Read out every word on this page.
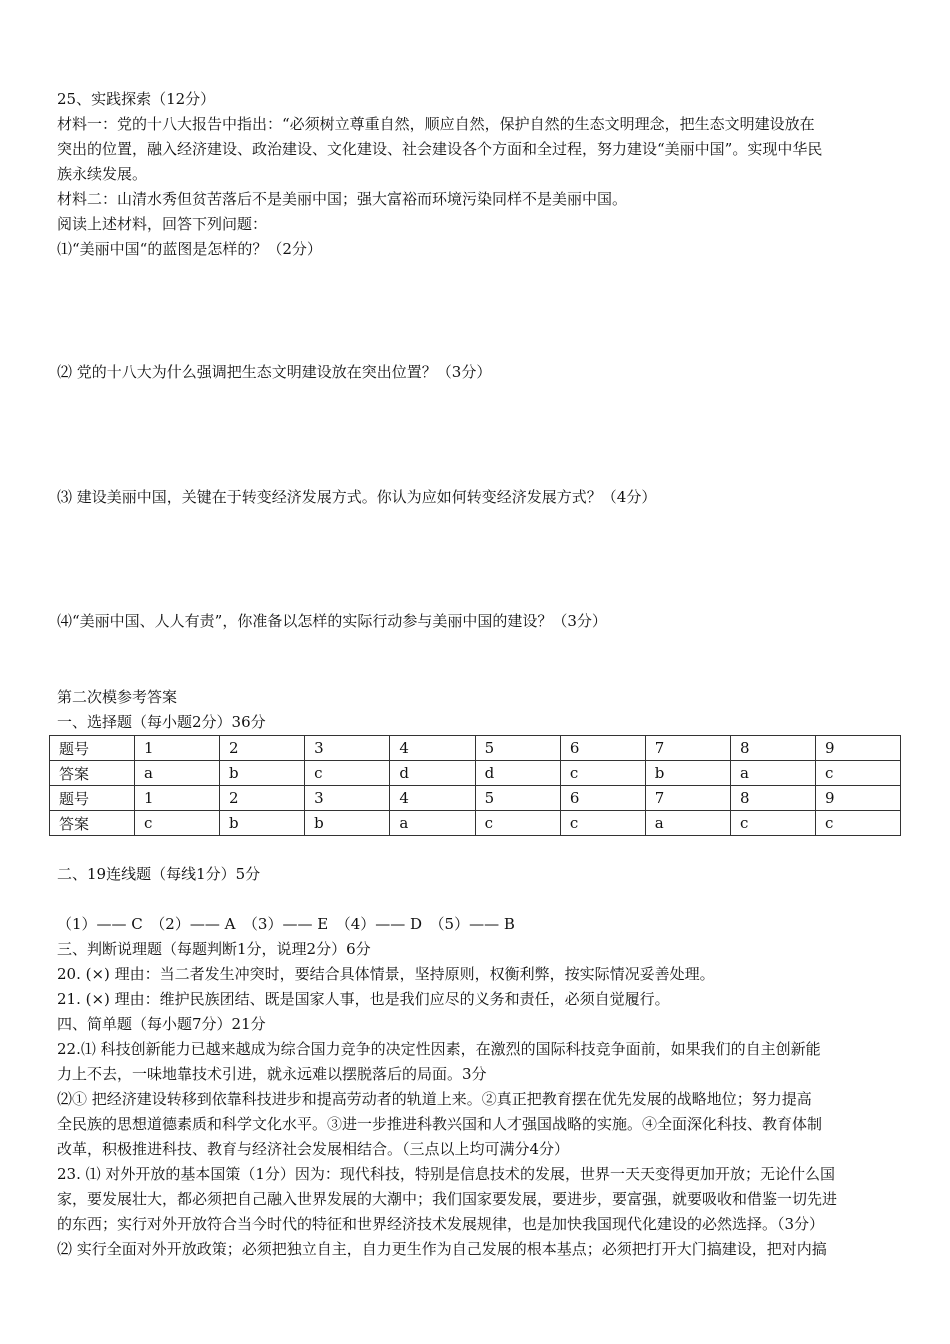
25、实践探索（12分）
材料一：党的十八大报告中指出：“必须树立尊重自然，顺应自然，保护自然的生态文明理念，把生态文明建设放在
突出的位置，融入经济建设、政治建设、文化建设、社会建设各个方面和全过程，努力建设“美丽中国”。实现中华民
族永续发展。
材料二：山清水秀但贫苦落后不是美丽中国；强大富裕而环境污染同样不是美丽中国。
阅读上述材料，回答下列问题：
⑴“美丽中国“的蓝图是怎样的？（2分）
⑵ 党的十八大为什么强调把生态文明建设放在突出位置？（3分）
⑶ 建设美丽中国，关键在于转变经济发展方式。你认为应如何转变经济发展方式？（4分）
⑷“美丽中国、人人有责”，你准备以怎样的实际行动参与美丽中国的建设？（3分）
第二次模参考答案
一、选择题（每小题2分）36分
题号	1	2	3	4	5	6	7	8	9
答案	a	b	c	d	d	c	b	a	c
题号	1	2	3	4	5	6	7	8	9
答案	c	b	b	a	c	c	a	c	c
二、19连线题（每线1分）5分
（1）—— C　（2）—— A　（3）—— E　（4）—— D　（5）—— B
三、判断说理题（每题判断1分，说理2分）6分
20. (×) 理由：当二者发生冲突时，要结合具体情景，坚持原则，权衡利弊，按实际情况妥善处理。
21. (×) 理由：维护民族团结、既是国家人事，也是我们应尽的义务和责任，必须自觉履行。
四、简单题（每小题7分）21分
22.⑴ 科技创新能力已越来越成为综合国力竞争的决定性因素，在激烈的国际科技竞争面前，如果我们的自主创新能
力上不去，一味地靠技术引进，就永远难以摆脱落后的局面。3分
⑵① 把经济建设转移到依靠科技进步和提高劳动者的轨道上来。②真正把教育摆在优先发展的战略地位；努力提高
全民族的思想道德素质和科学文化水平。③进一步推进科教兴国和人才强国战略的实施。④全面深化科技、教育体制
改革，积极推进科技、教育与经济社会发展相结合。（三点以上均可满分4分）
23. ⑴ 对外开放的基本国策（1分）因为：现代科技，特别是信息技术的发展，世界一天天变得更加开放；无论什么国
家，要发展壮大，都必须把自己融入世界发展的大潮中；我们国家要发展，要进步，要富强，就要吸收和借鉴一切先进
的东西；实行对外开放符合当今时代的特征和世界经济技术发展规律，也是加快我国现代化建设的必然选择。（3分）
⑵ 实行全面对外开放政策；必须把独立自主，自力更生作为自己发展的根本基点；必须把打开大门搞建设，把对内搞
